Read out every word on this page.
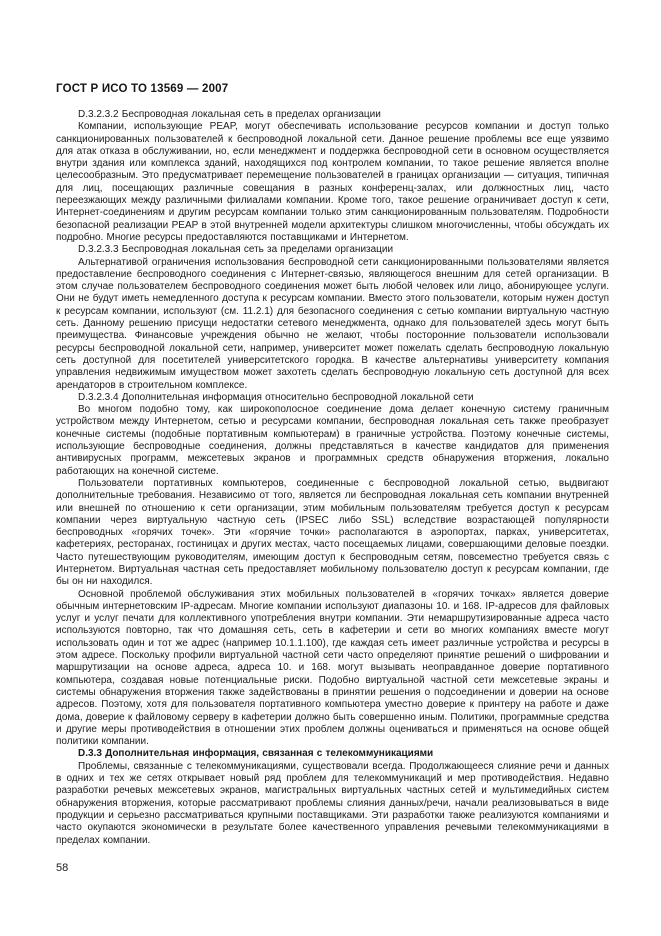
ГОСТ Р ИСО ТО 13569 — 2007

D.3.2.3.2 Беспроводная локальная сеть в пределах организации

Компании, использующие PEAP, могут обеспечивать использование ресурсов компании и доступ только санкционированных пользователей к беспроводной локальной сети. Данное решение проблемы все еще уязвимо для атак отказа в обслуживании, но, если менеджмент и поддержка беспроводной сети в основном осуществляется внутри здания или комплекса зданий, находящихся под контролем компании, то такое решение является вполне целесообразным. Это предусматривает перемещение пользователей в границах организации — ситуация, типичная для лиц, посещающих различные совещания в разных конференц-залах, или должностных лиц, часто переезжающих между различными филиалами компании. Кроме того, такое решение ограничивает доступ к сети, Интернет-соединениям и другим ресурсам компании только этим санкционированным пользователям. Подробности безопасной реализации PEAP в этой внутренней модели архитектуры слишком многочисленны, чтобы обсуждать их подробно. Многие ресурсы предоставляются поставщиками и Интернетом.

D.3.2.3.3 Беспроводная локальная сеть за пределами организации

Альтернативой ограничения использования беспроводной сети санкционированными пользователями является предоставление беспроводного соединения с Интернет-связью, являющегося внешним для сетей организации. В этом случае пользователем беспроводного соединения может быть любой человек или лицо, абонирующее услуги. Они не будут иметь немедленного доступа к ресурсам компании. Вместо этого пользователи, которым нужен доступ к ресурсам компании, используют (см. 11.2.1) для безопасного соединения с сетью компании виртуальную частную сеть. Данному решению присущи недостатки сетевого менеджмента, однако для пользователей здесь могут быть преимущества. Финансовые учреждения обычно не желают, чтобы посторонние пользователи использовали ресурсы беспроводной локальной сети, например, университет может пожелать сделать беспроводную локальную сеть доступной для посетителей университетского городка. В качестве альтернативы университету компания управления недвижимым имуществом может захотеть сделать беспроводную локальную сеть доступной для всех арендаторов в строительном комплексе.

D.3.2.3.4 Дополнительная информация относительно беспроводной локальной сети

Во многом подобно тому, как широкополосное соединение дома делает конечную систему граничным устройством между Интернетом, сетью и ресурсами компании, беспроводная локальная сеть также преобразует конечные системы (подобные портативным компьютерам) в граничные устройства. Поэтому конечные системы, использующие беспроводные соединения, должны представляться в качестве кандидатов для применения антивирусных программ, межсетевых экранов и программных средств обнаружения вторжения, локально работающих на конечной системе.

Пользователи портативных компьютеров, соединенные с беспроводной локальной сетью, выдвигают дополнительные требования. Независимо от того, является ли беспроводная локальная сеть компании внутренней или внешней по отношению к сети организации, этим мобильным пользователям требуется доступ к ресурсам компании через виртуальную частную сеть (IPSEC либо SSL) вследствие возрастающей популярности беспроводных «горячих точек». Эти «горячие точки» располагаются в аэропортах, парках, университетах, кафетериях, ресторанах, гостиницах и других местах, часто посещаемых лицами, совершающими деловые поездки. Часто путешествующим руководителям, имеющим доступ к беспроводным сетям, повсеместно требуется связь с Интернетом. Виртуальная частная сеть предоставляет мобильному пользователю доступ к ресурсам компании, где бы он ни находился.

Основной проблемой обслуживания этих мобильных пользователей в «горячих точках» является доверие обычным интернетовским IP-адресам. Многие компании используют диапазоны 10. и 168. IP-адресов для файловых услуг и услуг печати для коллективного употребления внутри компании. Эти немаршрутизированные адреса часто используются повторно, так что домашняя сеть, сеть в кафетерии и сети во многих компаниях вместе могут использовать один и тот же адрес (например 10.1.1.100), где каждая сеть имеет различные устройства и ресурсы в этом адресе. Поскольку профили виртуальной частной сети часто определяют принятие решений о шифровании и маршрутизации на основе адреса, адреса 10. и 168. могут вызывать неоправданное доверие портативного компьютера, создавая новые потенциальные риски. Подобно виртуальной частной сети межсетевые экраны и системы обнаружения вторжения также задействованы в принятии решения о подсоединении и доверии на основе адресов. Поэтому, хотя для пользователя портативного компьютера уместно доверие к принтеру на работе и даже дома, доверие к файловому серверу в кафетерии должно быть совершенно иным. Политики, программные средства и другие меры противодействия в отношении этих проблем должны оцениваться и применяться на основе общей политики компании.

D.3.3 Дополнительная информация, связанная с телекоммуникациями

Проблемы, связанные с телекоммуникациями, существовали всегда. Продолжающееся слияние речи и данных в одних и тех же сетях открывает новый ряд проблем для телекоммуникаций и мер противодействия. Недавно разработки речевых межсетевых экранов, магистральных виртуальных частных сетей и мультимедийных систем обнаружения вторжения, которые рассматривают проблемы слияния данных/речи, начали реализовываться в виде продукции и серьезно рассматриваться крупными поставщиками. Эти разработки также реализуются компаниями и часто окупаются экономически в результате более качественного управления речевыми телекоммуникациями в пределах компании.

58
